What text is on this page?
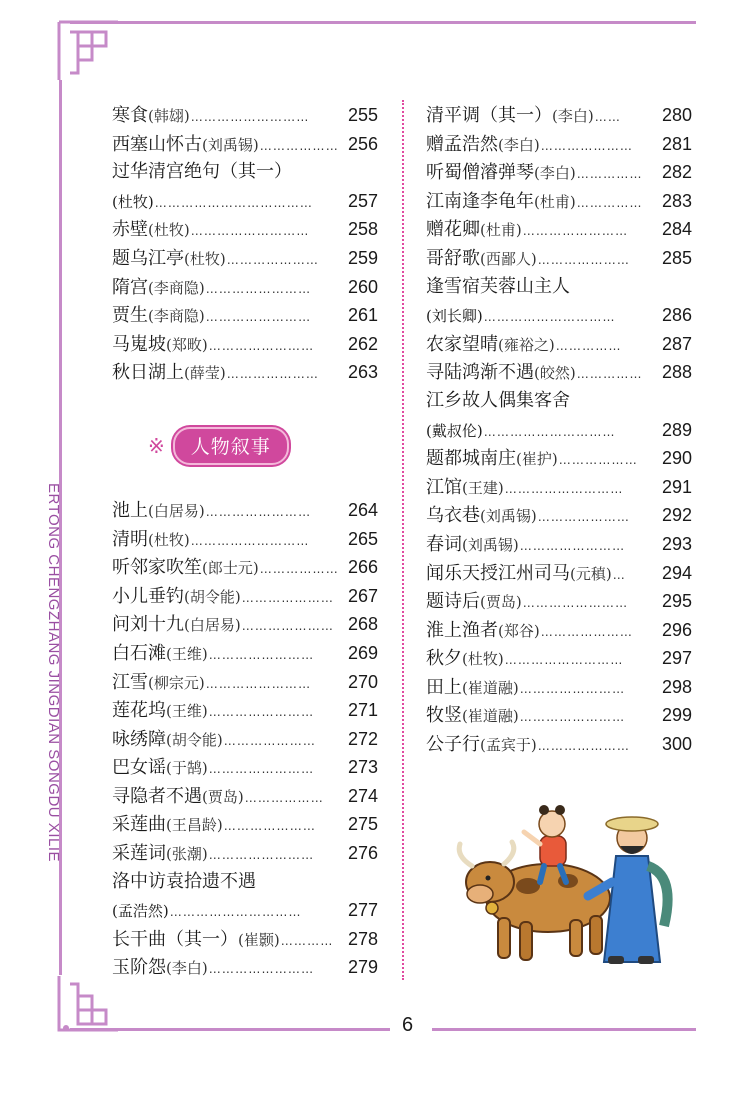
ERTONG CHENGZHANG JINGDIAN SONGDU XILIE
寒食 (韩翃) ………………………	255
西塞山怀古 (刘禹锡) ……………… 256
过华清宫绝句（其一）
(杜牧) ………………………………	257
赤壁 (杜牧) ………………………	258
题乌江亭 (杜牧) …………………	259
隋宫 (李商隐) ……………………	260
贾生 (李商隐) ……………………	261
马嵬坡 (郑畋) ……………………	262
秋日湖上 (薛莹) …………………	263
※ 人物叙事
池上 (白居易) ……………………	264
清明 (杜牧) ………………………	265
听邻家吹笙 (郎士元) ……………… 266
小儿垂钓 (胡令能) ………………… 267
问刘十九 (白居易) ………………… 268
白石滩 (王维) ……………………	269
江雪 (柳宗元) ……………………	270
莲花坞 (王维) ……………………	271
咏绣障 (胡令能) …………………	272
巴女谣 (于鹄) ……………………	273
寻隐者不遇 (贾岛) ………………	274
采莲曲 (王昌龄) …………………	275
采莲词 (张潮) ……………………	276
洛中访袁拾遗不遇
(孟浩然) …………………………	277
长干曲（其一） (崔颢) ………… 278
玉阶怨 (李白) ……………………	279
清平调（其一） (李白) ……	280
赠孟浩然 (李白) …………………	281
听蜀僧濬弹琴 (李白) ……………	282
江南逢李龟年 (杜甫) ……………	283
赠花卿 (杜甫) ……………………	284
哥舒歌 (西鄙人) …………………	285
逢雪宿芙蓉山主人
(刘长卿) …………………………	286
农家望晴 (雍裕之) ……………	287
寻陆鸿渐不遇 (皎然) ……………	288
江乡故人偶集客舍
(戴叔伦) …………………………	289
题都城南庄 (崔护) ………………	290
江馆 (王建) ………………………	291
乌衣巷 (刘禹锡) …………………	292
春词 (刘禹锡) ……………………	293
闻乐天授江州司马 (元稹) …	294
题诗后 (贾岛) ……………………	295
淮上渔者 (郑谷) …………………	296
秋夕 (杜牧) ………………………	297
田上 (崔道融) ……………………	298
牧竖 (崔道融) ……………………	299
公子行 (孟宾于) …………………	300
6
